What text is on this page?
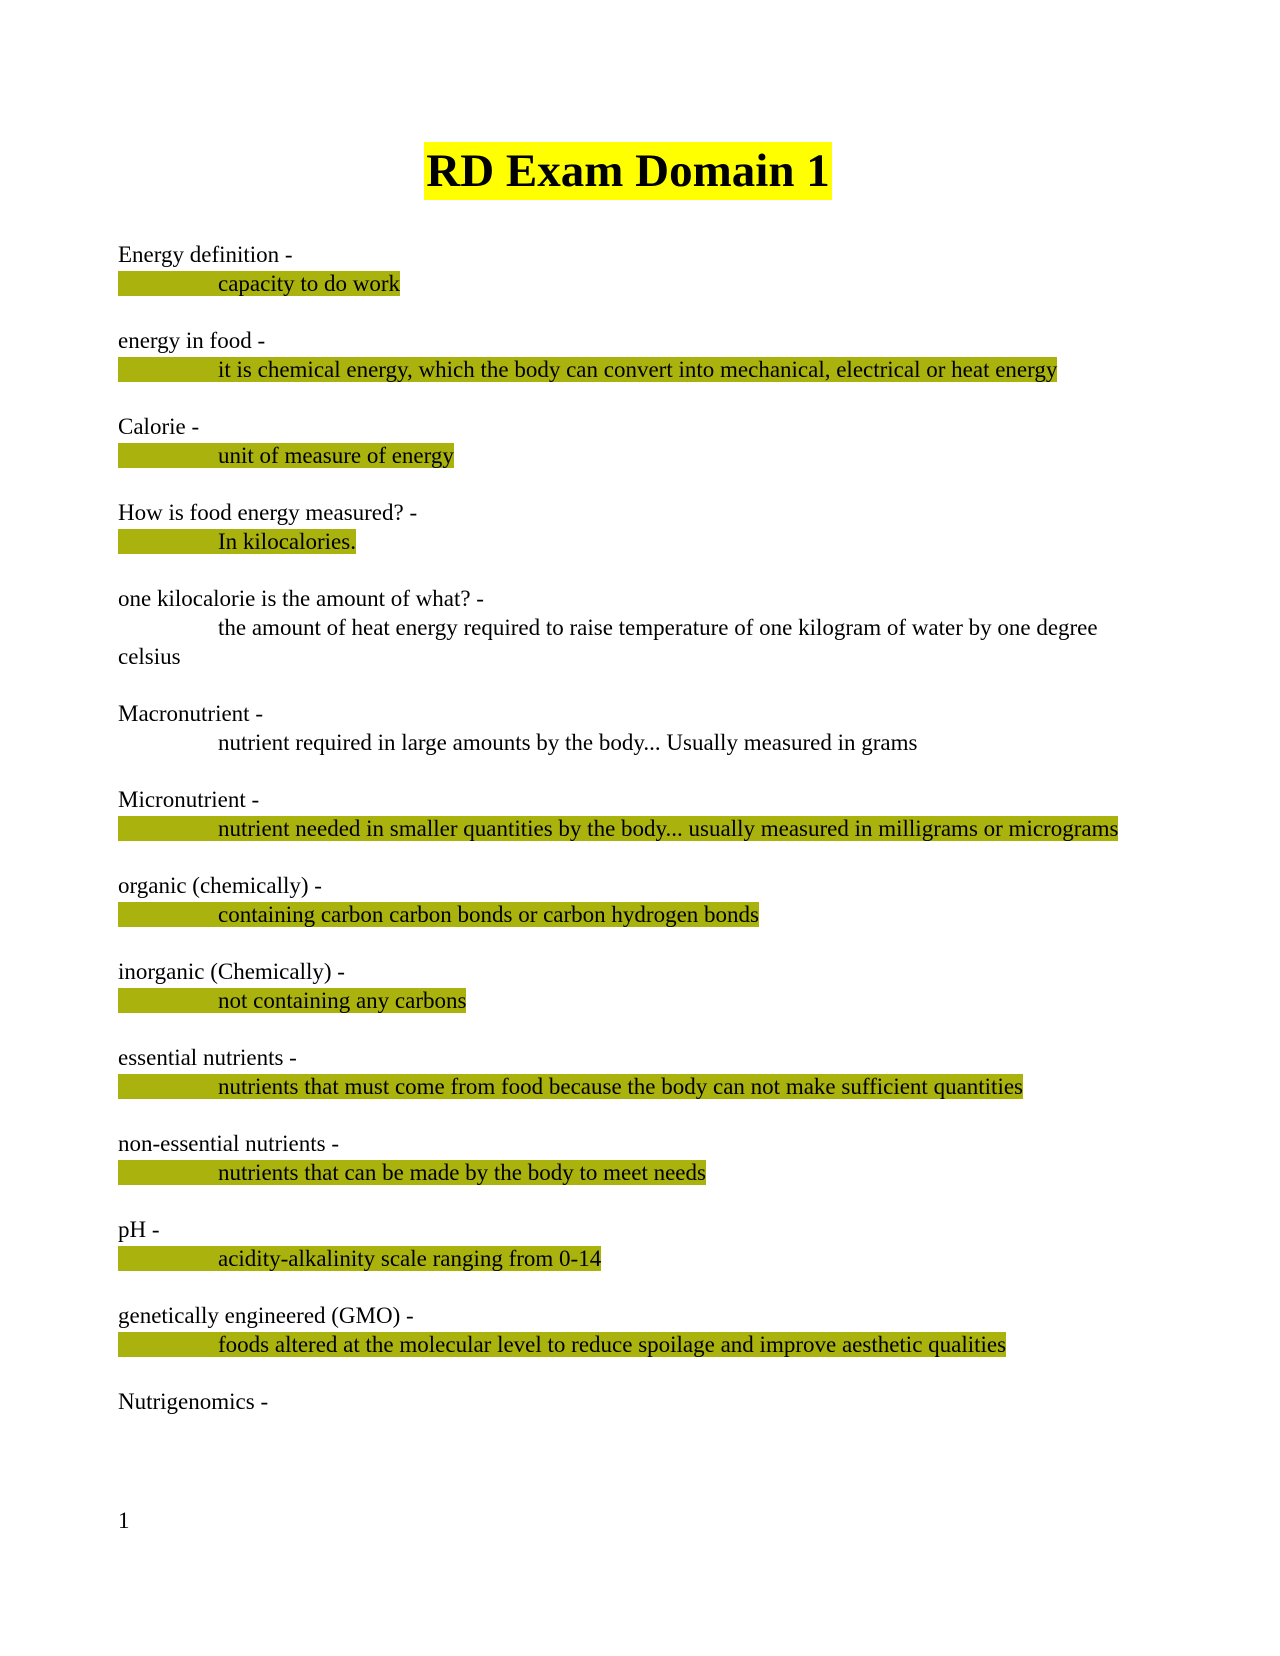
RD Exam Domain 1
Energy definition -
capacity to do work
energy in food -
it is chemical energy, which the body can convert into mechanical, electrical or heat energy
Calorie -
unit of measure of energy
How is food energy measured? -
In kilocalories.
one kilocalorie is the amount of what? -
the amount of heat energy required to raise temperature of one kilogram of water by one degree celsius
Macronutrient -
nutrient required in large amounts by the body... Usually measured in grams
Micronutrient -
nutrient needed in smaller quantities by the body... usually measured in milligrams or micrograms
organic (chemically) -
containing carbon carbon bonds or carbon hydrogen bonds
inorganic (Chemically) -
not containing any carbons
essential nutrients -
nutrients that must come from food because the body can not make sufficient quantities
non-essential nutrients -
nutrients that can be made by the body to meet needs
pH -
acidity-alkalinity scale ranging from 0-14
genetically engineered (GMO) -
foods altered at the molecular level to reduce spoilage and improve aesthetic qualities
Nutrigenomics -
1
